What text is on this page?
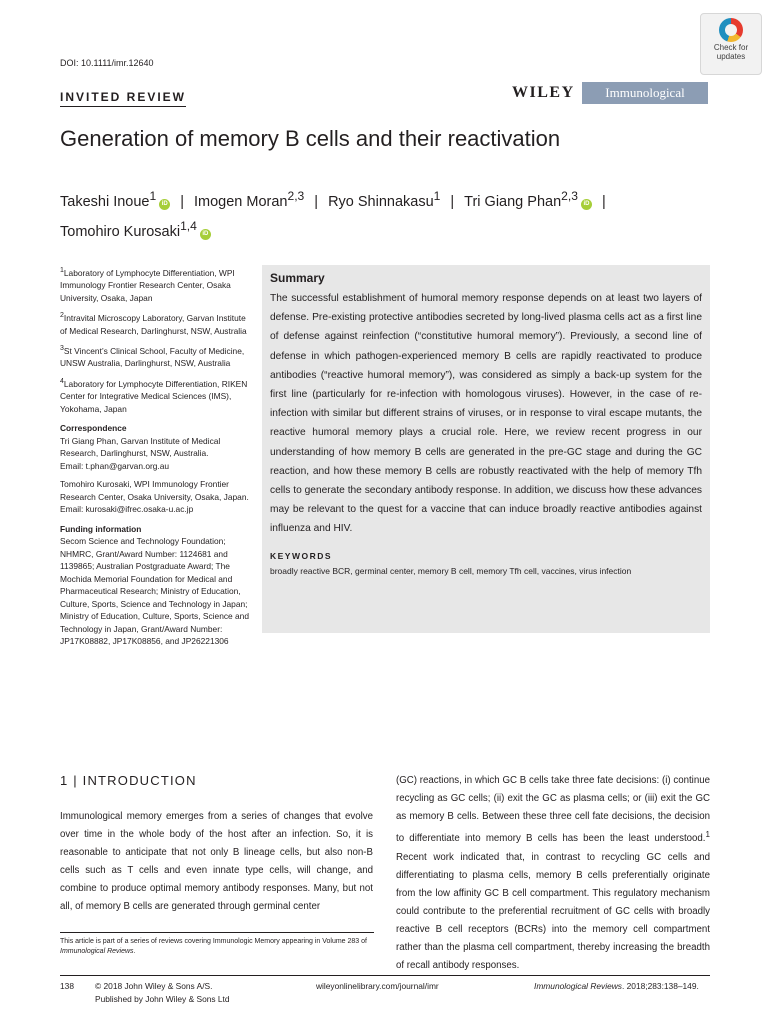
DOI: 10.1111/imr.12640
Check for
updates
INVITED REVIEW	WILEY	Immunological Reviews
Generation of memory B cells and their reactivation
Takeshi Inoue$^1$iD | Imogen Moran$^{2,3}$ | Ryo Shinnakasu$^1$ | Tri Giang Phan$^{2,3}$iD |
Tomohiro Kurosaki$^{1,4}$iD

$^1$Laboratory of Lymphocyte Differentiation, WPI Immunology Frontier Research Center, Osaka University, Osaka, Japan

$^2$Intravital Microscopy Laboratory, Garvan Institute of Medical Research, Darlinghurst, NSW, Australia

$^3$St Vincent’s Clinical School, Faculty of Medicine, UNSW Australia, Darlinghurst, NSW, Australia

$^4$Laboratory for Lymphocyte Differentiation, RIKEN Center for Integrative Medical Sciences (IMS), Yokohama, Japan

Correspondence

Tri Giang Phan, Garvan Institute of Medical Research, Darlinghurst, NSW, Australia.
Email: t.phan@garvan.org.au

Tomohiro Kurosaki, WPI Immunology Frontier Research Center, Osaka University, Osaka, Japan.
Email: kurosaki@ifrec.osaka-u.ac.jp

Funding information

Secom Science and Technology Foundation; NHMRC, Grant/Award Number: 1124681 and 1139865; Australian Postgraduate Award; The Mochida Memorial Foundation for Medical and Pharmaceutical Research; Ministry of Education, Culture, Sports, Science and Technology in Japan; Ministry of Education, Culture, Sports, Science and Technology in Japan, Grant/Award Number: JP17K08882, JP17K08856, and JP26221306

Summary
The successful establishment of humoral memory response depends on at least two layers of defense. Pre-existing protective antibodies secreted by long-lived plasma cells act as a first line of defense against reinfection (“constitutive humoral memory”). Previously, a second line of defense in which pathogen-experienced memory B cells are rapidly reactivated to produce antibodies (“reactive humoral memory”), was considered as simply a back-up system for the first line (particularly for re-infection with homologous viruses). However, in the case of re-infection with similar but different strains of viruses, or in response to viral escape mutants, the reactive humoral memory plays a crucial role. Here, we review recent progress in our understanding of how memory B cells are generated in the pre-GC stage and during the GC reaction, and how these memory B cells are robustly reactivated with the help of memory Tfh cells to generate the secondary antibody response. In addition, we discuss how these advances may be relevant to the quest for a vaccine that can induce broadly reactive antibodies against influenza and HIV.
KEYWORDS
broadly reactive BCR, germinal center, memory B cell, memory Tfh cell, vaccines, virus infection
1 | INTRODUCTION
Immunological memory emerges from a series of changes that evolve over time in the whole body of the host after an infection. So, it is reasonable to anticipate that not only B lineage cells, but also non-B cells such as T cells and even innate type cells, will change, and combine to produce optimal memory antibody responses. Many, but not all, of memory B cells are generated through germinal center
(GC) reactions, in which GC B cells take three fate decisions: (i) continue recycling as GC cells; (ii) exit the GC as plasma cells; or (iii) exit the GC as memory B cells. Between these three cell fate decisions, the decision to differentiate into memory B cells has been the least understood.$^1$ Recent work indicated that, in contrast to recycling GC cells and differentiating to plasma cells, memory B cells preferentially originate from the low affinity GC B cell compartment. This regulatory mechanism could contribute to the preferential recruitment of GC cells with broadly reactive B cell receptors (BCRs) into the memory cell compartment rather than the plasma cell compartment, thereby increasing the breadth of recall antibody responses.
This article is part of a series of reviews covering Immunologic Memory appearing in Volume 283 of Immunological Reviews.
138	© 2018 John Wiley & Sons A/S.
Published by John Wiley & Sons Ltd
wileyonlinelibrary.com/journal/imr	Immunological Reviews. 2018;283:138–149.
